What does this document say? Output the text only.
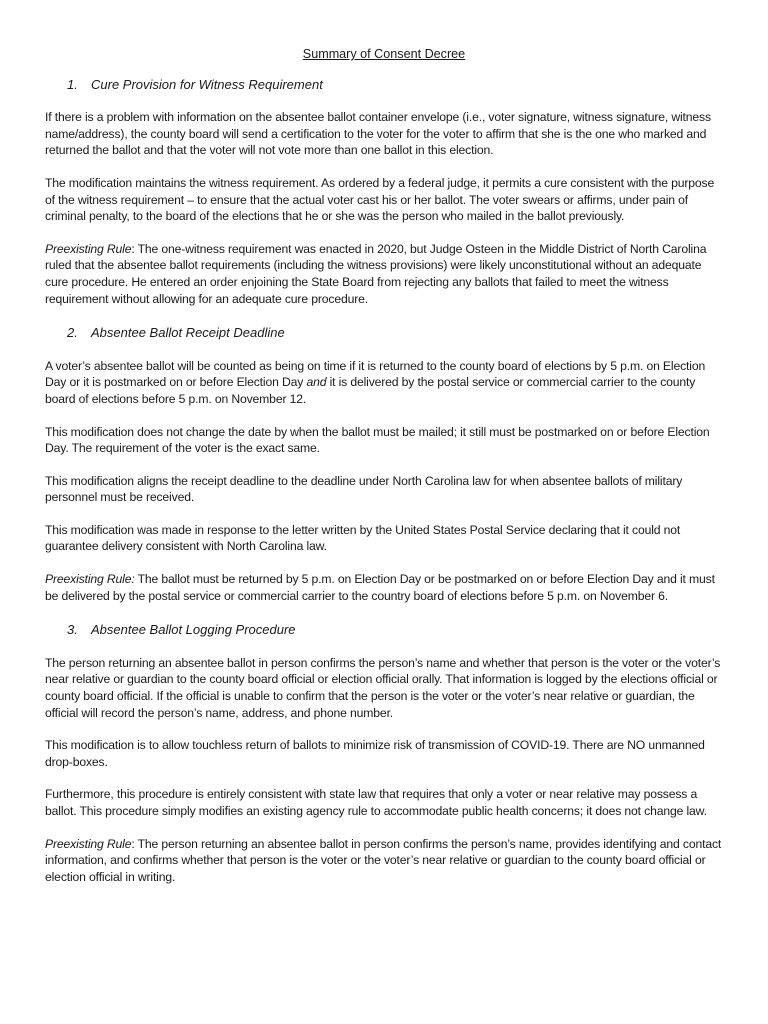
Summary of Consent Decree
1. Cure Provision for Witness Requirement

If there is a problem with information on the absentee ballot container envelope (i.e., voter signature, witness signature, witness name/address), the county board will send a certification to the voter for the voter to affirm that she is the one who marked and returned the ballot and that the voter will not vote more than one ballot in this election.

The modification maintains the witness requirement. As ordered by a federal judge, it permits a cure consistent with the purpose of the witness requirement – to ensure that the actual voter cast his or her ballot. The voter swears or affirms, under pain of criminal penalty, to the board of the elections that he or she was the person who mailed in the ballot previously.

Preexisting Rule: The one-witness requirement was enacted in 2020, but Judge Osteen in the Middle District of North Carolina ruled that the absentee ballot requirements (including the witness provisions) were likely unconstitutional without an adequate cure procedure. He entered an order enjoining the State Board from rejecting any ballots that failed to meet the witness requirement without allowing for an adequate cure procedure.

2. Absentee Ballot Receipt Deadline

A voter’s absentee ballot will be counted as being on time if it is returned to the county board of elections by 5 p.m. on Election Day or it is postmarked on or before Election Day and it is delivered by the postal service or commercial carrier to the county board of elections before 5 p.m. on November 12.

This modification does not change the date by when the ballot must be mailed; it still must be postmarked on or before Election Day. The requirement of the voter is the exact same.

This modification aligns the receipt deadline to the deadline under North Carolina law for when absentee ballots of military personnel must be received.

This modification was made in response to the letter written by the United States Postal Service declaring that it could not guarantee delivery consistent with North Carolina law.

Preexisting Rule: The ballot must be returned by 5 p.m. on Election Day or be postmarked on or before Election Day and it must be delivered by the postal service or commercial carrier to the country board of elections before 5 p.m. on November 6.

3. Absentee Ballot Logging Procedure

The person returning an absentee ballot in person confirms the person’s name and whether that person is the voter or the voter’s near relative or guardian to the county board official or election official orally. That information is logged by the elections official or county board official. If the official is unable to confirm that the person is the voter or the voter’s near relative or guardian, the official will record the person’s name, address, and phone number.

This modification is to allow touchless return of ballots to minimize risk of transmission of COVID-19. There are NO unmanned drop-boxes.

Furthermore, this procedure is entirely consistent with state law that requires that only a voter or near relative may possess a ballot. This procedure simply modifies an existing agency rule to accommodate public health concerns; it does not change law.

Preexisting Rule: The person returning an absentee ballot in person confirms the person’s name, provides identifying and contact information, and confirms whether that person is the voter or the voter’s near relative or guardian to the county board official or election official in writing.
